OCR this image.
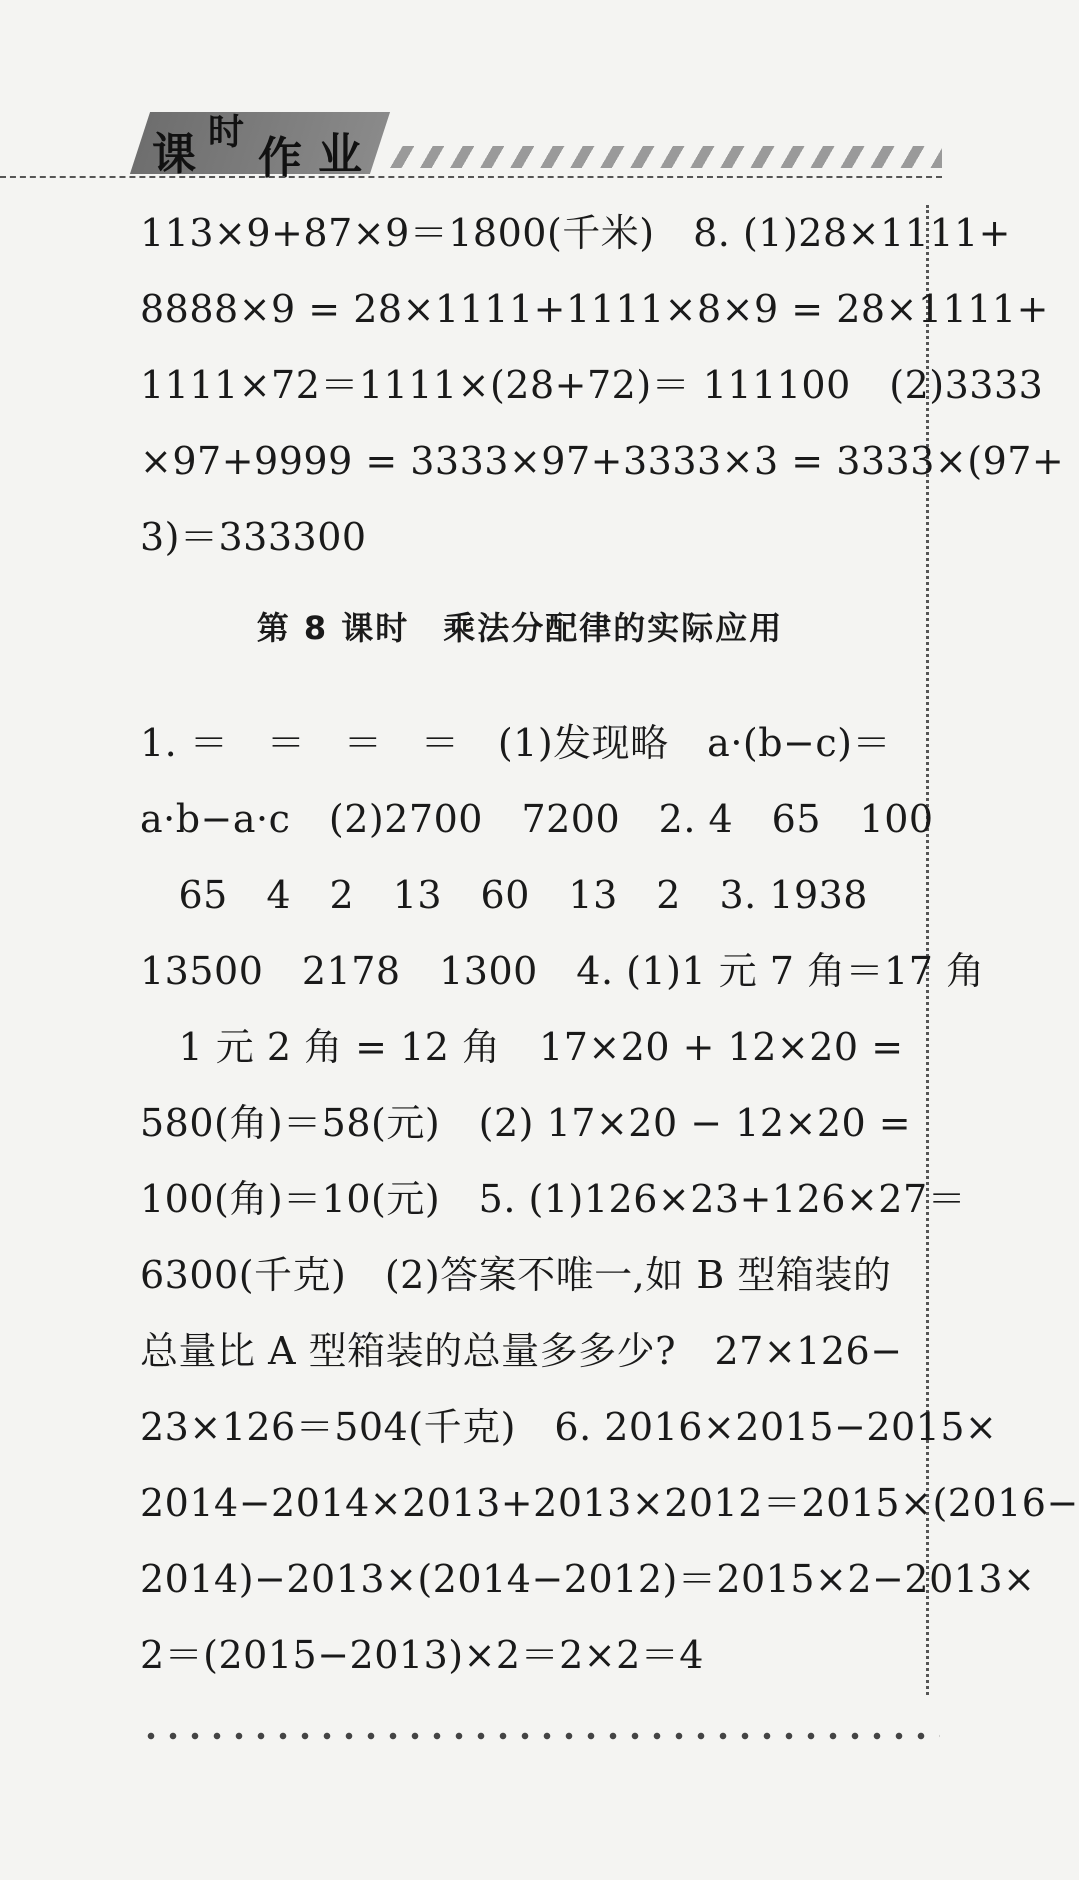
课 时
作 业
113×9+87×9＝1800(千米)　8. (1)28×1111+
8888×9 = 28×1111+1111×8×9 = 28×1111+
1111×72＝1111×(28+72)＝ 111100　(2)3333
×97+9999 = 3333×97+3333×3 = 3333×(97+
3)＝333300
第 8 课时　乘法分配律的实际应用
1. ＝　＝　＝　＝　(1)发现略　a·(b−c)＝
a·b−a·c　(2)2700　7200　2. 4　65　100
　65　4　2　13　60　13　2　3. 1938
13500　2178　1300　4. (1)1 元 7 角＝17 角
　1 元 2 角 = 12 角　17×20 + 12×20 =
580(角)＝58(元)　(2) 17×20 − 12×20 =
100(角)＝10(元)　5. (1)126×23+126×27＝
6300(千克)　(2)答案不唯一,如 B 型箱装的
总量比 A 型箱装的总量多多少?　27×126−
23×126＝504(千克)　6. 2016×2015−2015×
2014−2014×2013+2013×2012＝2015×(2016−
2014)−2013×(2014−2012)＝2015×2−2013×
2＝(2015−2013)×2＝2×2＝4
